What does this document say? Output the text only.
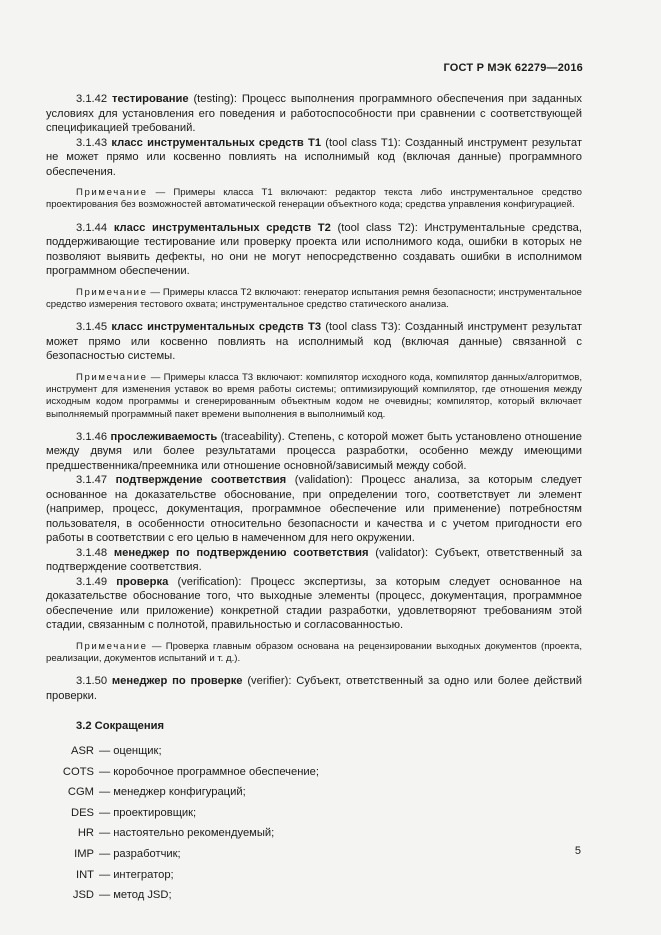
ГОСТ Р МЭК 62279—2016

3.1.42 тестирование (testing): Процесс выполнения программного обеспечения при заданных условиях для установления его поведения и работоспособности при сравнении с соответствующей спецификацией требований.

3.1.43 класс инструментальных средств T1 (tool class T1): Созданный инструмент результат не может прямо или косвенно повлиять на исполнимый код (включая данные) программного обеспечения.

Примечание — Примеры класса Т1 включают: редактор текста либо инструментальное средство проектирования без возможностей автоматической генерации объектного кода; средства управления конфигурацией.

3.1.44 класс инструментальных средств T2 (tool class T2): Инструментальные средства, поддерживающие тестирование или проверку проекта или исполнимого кода, ошибки в которых не позволяют выявить дефекты, но они не могут непосредственно создавать ошибки в исполнимом программном обеспечении.

Примечание — Примеры класса Т2 включают: генератор испытания ремня безопасности; инструментальное средство измерения тестового охвата; инструментальное средство статического анализа.

3.1.45 класс инструментальных средств T3 (tool class T3): Созданный инструмент результат может прямо или косвенно повлиять на исполнимый код (включая данные) связанной с безопасностью системы.

Примечание — Примеры класса Т3 включают: компилятор исходного кода, компилятор данных/алгоритмов, инструмент для изменения уставок во время работы системы; оптимизирующий компилятор, где отношения между исходным кодом программы и сгенерированным объектным кодом не очевидны; компилятор, который включает выполняемый программный пакет времени выполнения в выполнимый код.

3.1.46 прослеживаемость (traceability). Степень, с которой может быть установлено отношение между двумя или более результатами процесса разработки, особенно между имеющими предшественника/преемника или отношение основной/зависимый между собой.

3.1.47 подтверждение соответствия (validation): Процесс анализа, за которым следует основанное на доказательстве обоснование, при определении того, соответствует ли элемент (например, процесс, документация, программное обеспечение или применение) потребностям пользователя, в особенности относительно безопасности и качества и с учетом пригодности его работы в соответствии с его целью в намеченном для него окружении.

3.1.48 менеджер по подтверждению соответствия (validator): Субъект, ответственный за подтверждение соответствия.

3.1.49 проверка (verification): Процесс экспертизы, за которым следует основанное на доказательстве обоснование того, что выходные элементы (процесс, документация, программное обеспечение или приложение) конкретной стадии разработки, удовлетворяют требованиям этой стадии, связанным с полнотой, правильностью и согласованностью.

Примечание — Проверка главным образом основана на рецензировании выходных документов (проекта, реализации, документов испытаний и т. д.).

3.1.50 менеджер по проверке (verifier): Субъект, ответственный за одно или более действий проверки.

3.2 Сокращения
ASR — оценщик;
COTS — коробочное программное обеспечение;
CGM — менеджер конфигураций;
DES — проектировщик;
HR — настоятельно рекомендуемый;
IMP — разработчик;
INT — интегратор;
JSD — метод JSD;
5
